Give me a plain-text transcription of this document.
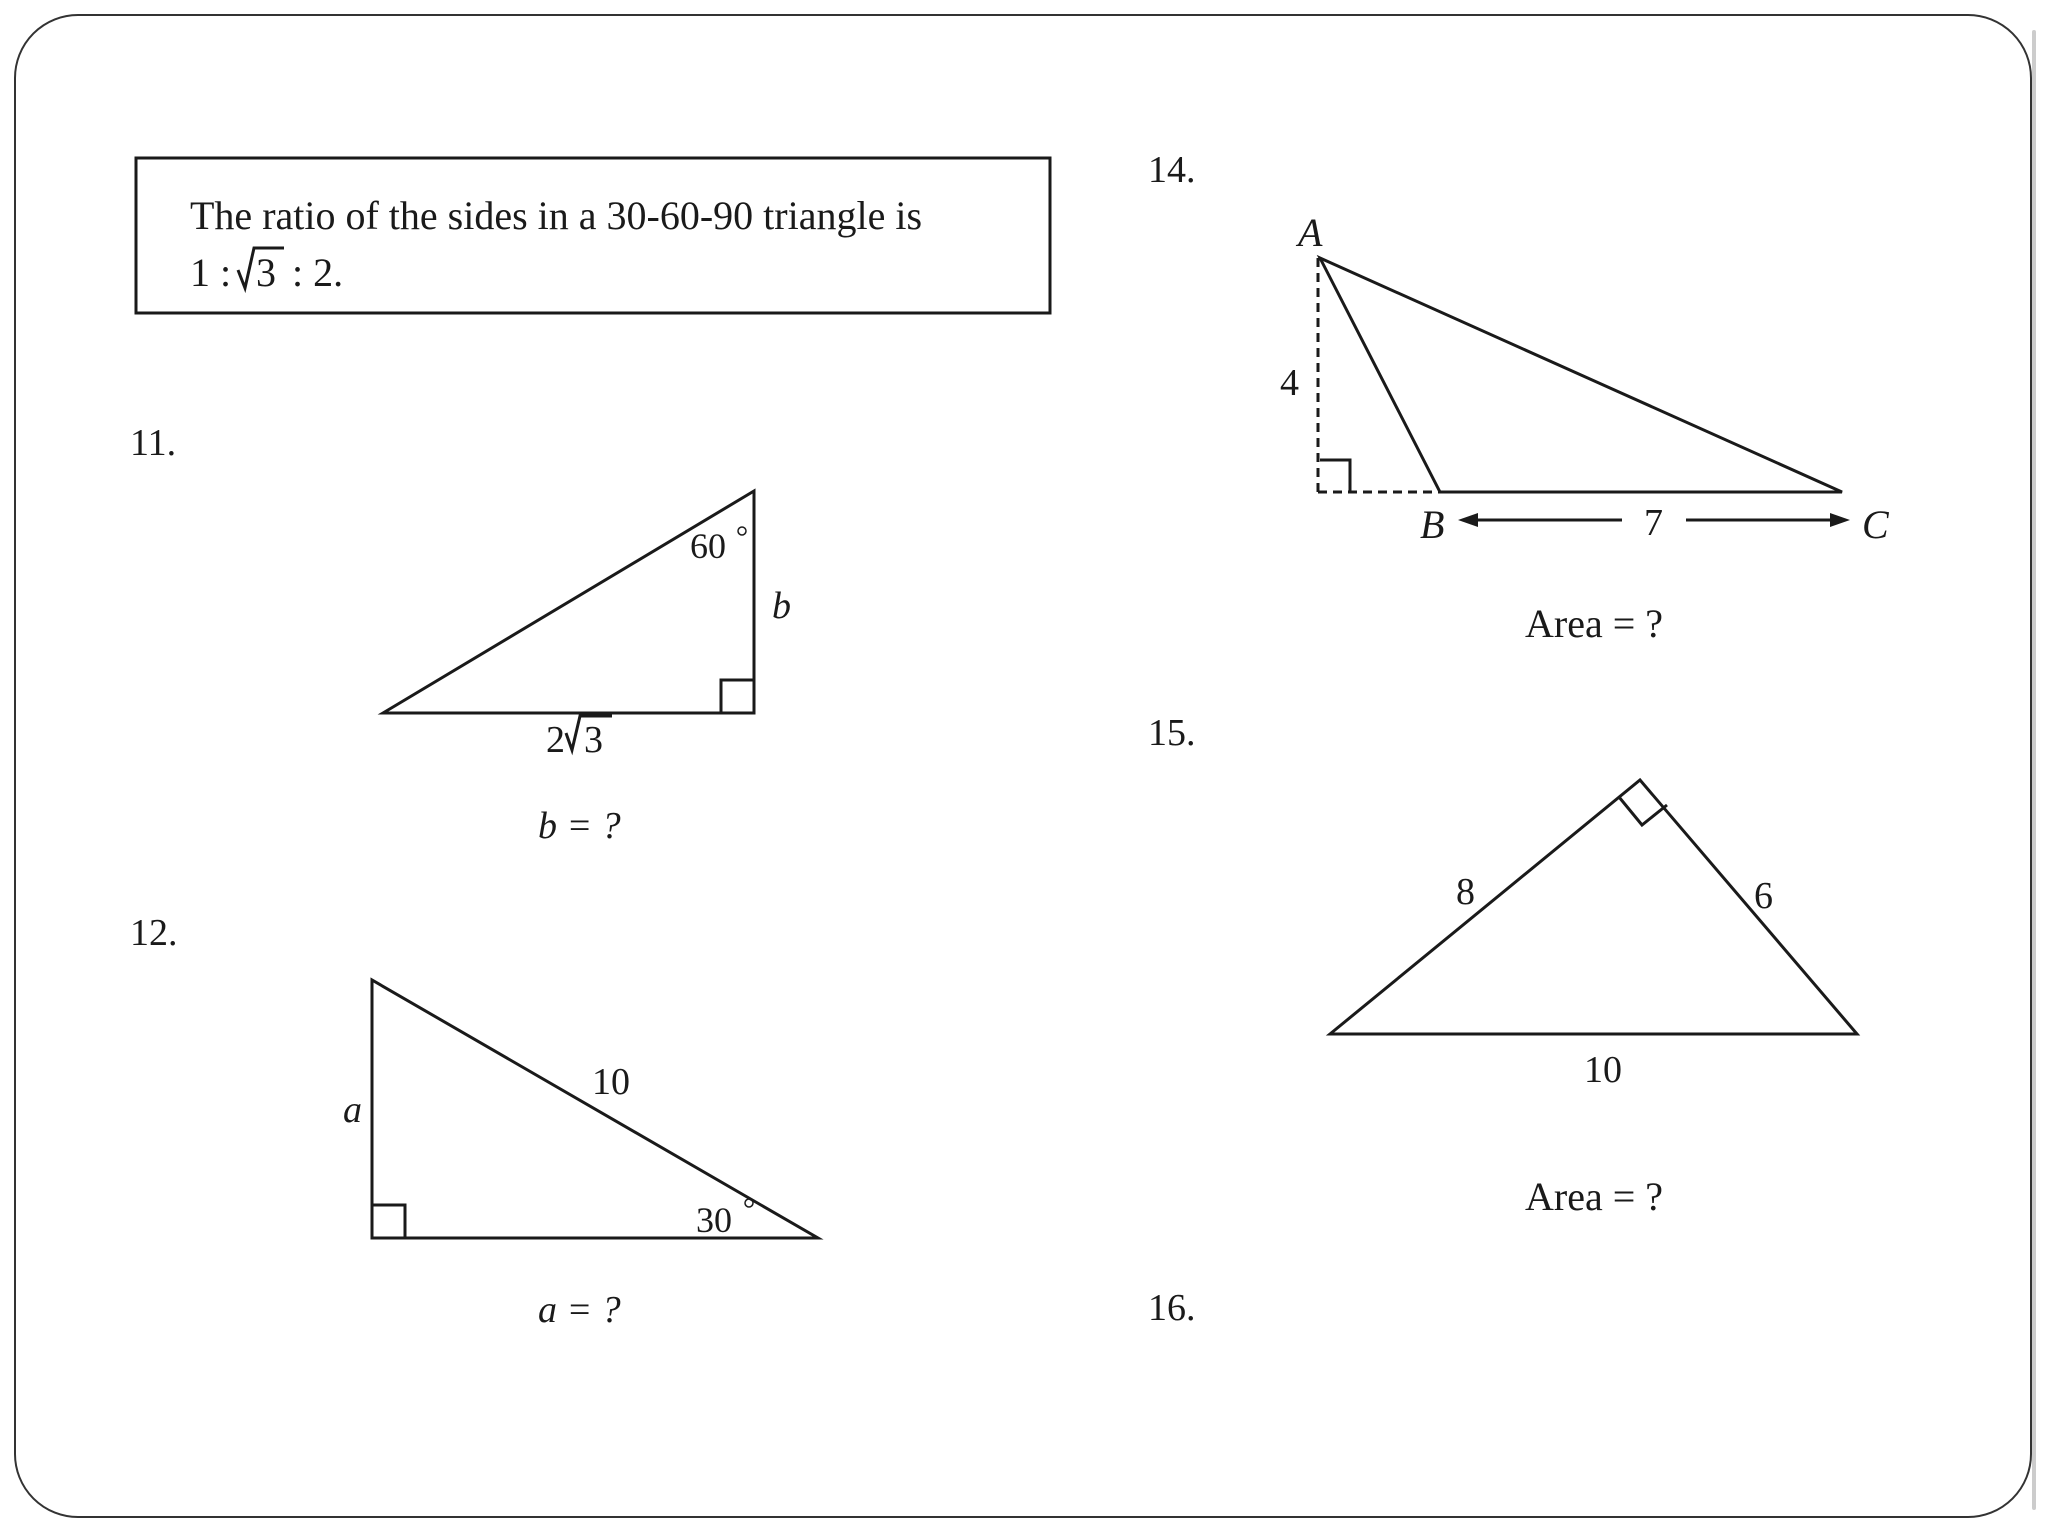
The ratio of the sides in a 30-60-90 triangle is
1 : 3 : 2.
11.
60
b
2 3
b = ?
12.
10
a
30
a = ?
14.
A
B	C
4
7
Area = ?
15.
8	6
10
Area = ?
16.
